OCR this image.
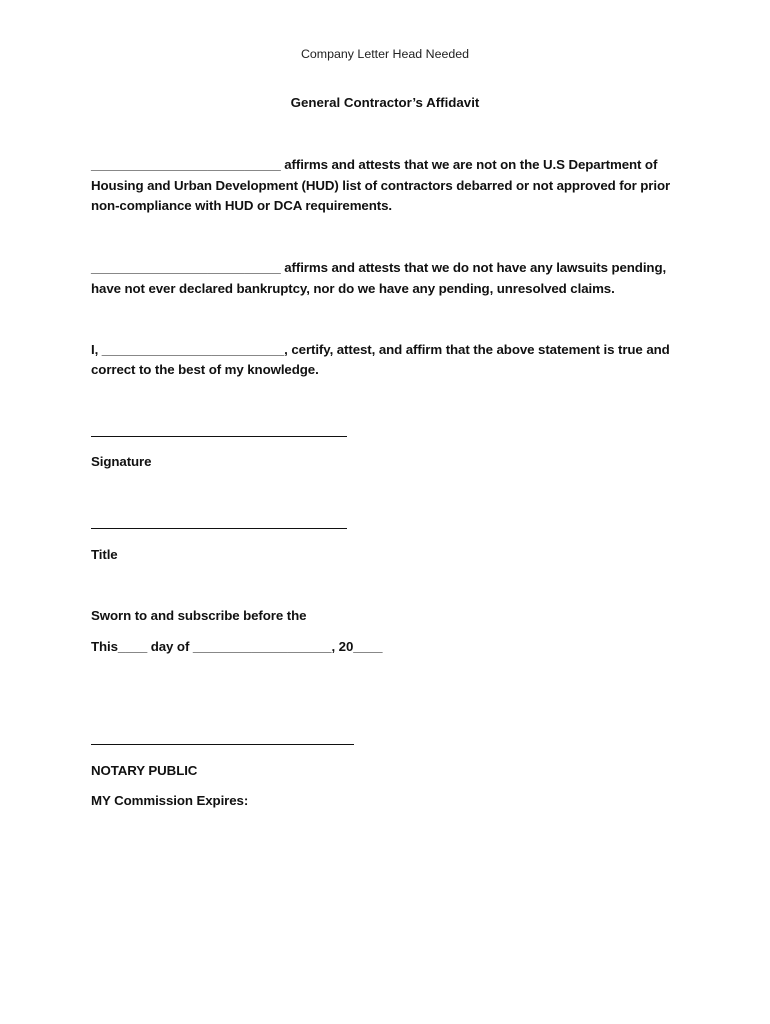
Company Letter Head Needed
General Contractor’s Affidavit
__________________________ affirms and attests that we are not on the U.S Department of
Housing and Urban Development (HUD) list of contractors debarred or not approved for prior
non-compliance with HUD or DCA requirements.
__________________________ affirms and attests that we do not have any lawsuits pending,
have not ever declared bankruptcy, nor do we have any pending, unresolved claims.
I, _________________________, certify, attest, and affirm that the above statement is true and
correct to the best of my knowledge.
Signature
Title
Sworn to and subscribe before the
This____ day of ___________________, 20____
NOTARY PUBLIC
MY Commission Expires:
